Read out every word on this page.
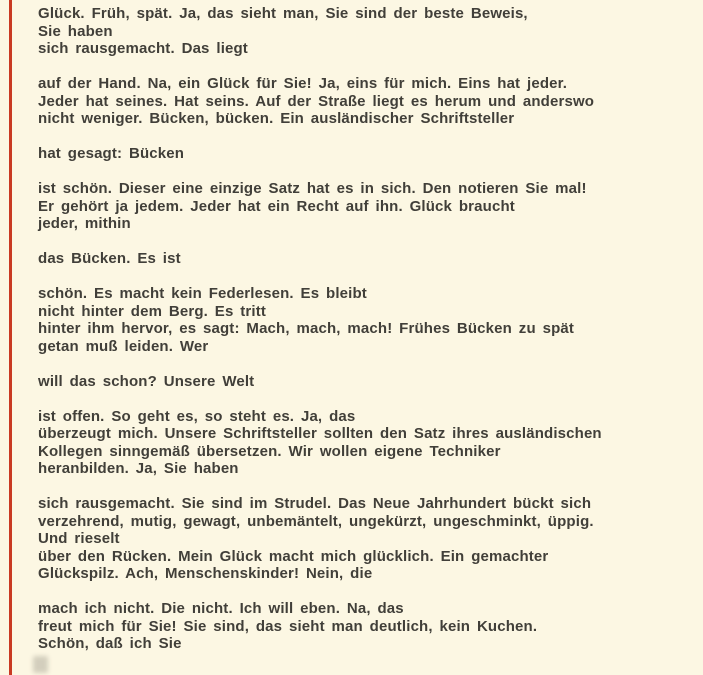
Glück. Früh, spät. Ja, das sieht man, Sie sind der beste Beweis,
Sie haben
sich rausgemacht. Das liegt
auf der Hand. Na, ein Glück für Sie! Ja, eins für mich. Eins hat jeder.
Jeder hat seines. Hat seins. Auf der Straße liegt es herum und anderswo
nicht weniger. Bücken, bücken. Ein ausländischer Schriftsteller
hat gesagt: Bücken
ist schön. Dieser eine einzige Satz hat es in sich. Den notieren Sie mal!
Er gehört ja jedem. Jeder hat ein Recht auf ihn. Glück braucht
jeder, mithin
das Bücken. Es ist
schön. Es macht kein Federlesen. Es bleibt
nicht hinter dem Berg. Es tritt
hinter ihm hervor, es sagt: Mach, mach, mach! Frühes Bücken zu spät
getan muß leiden. Wer
will das schon? Unsere Welt
ist offen. So geht es, so steht es. Ja, das
überzeugt mich. Unsere Schriftsteller sollten den Satz ihres ausländischen
Kollegen sinngemäß übersetzen. Wir wollen eigene Techniker
heranbilden. Ja, Sie haben
sich rausgemacht. Sie sind im Strudel. Das Neue Jahrhundert bückt sich
verzehrend, mutig, gewagt, unbemäntelt, ungekürzt, ungeschminkt, üppig.
Und rieselt
über den Rücken. Mein Glück macht mich glücklich. Ein gemachter
Glückspilz. Ach, Menschenskinder! Nein, die
mach ich nicht. Die nicht. Ich will eben. Na, das
freut mich für Sie! Sie sind, das sieht man deutlich, kein Kuchen.
Schön, daß ich Sie
